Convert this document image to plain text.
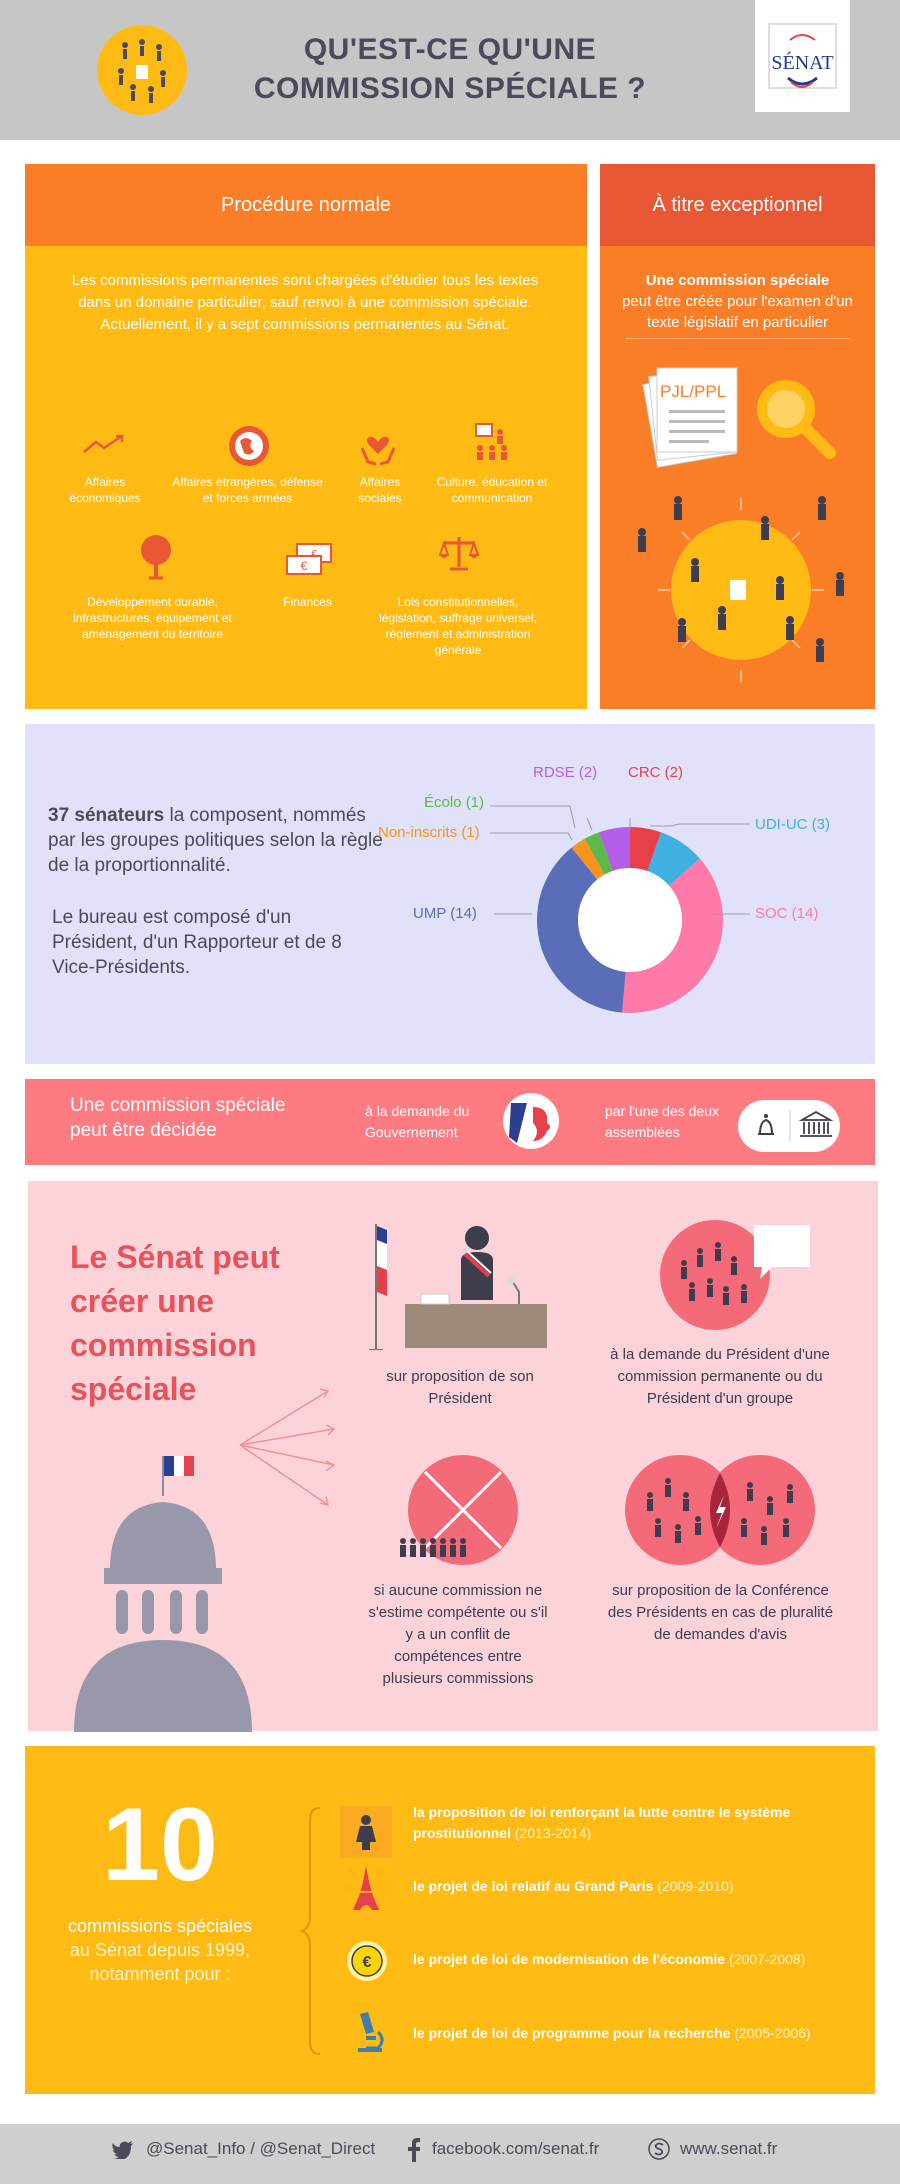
QU'EST-CE QU'UNE
COMMISSION SPÉCIALE ?
SÉNAT
Procédure normale
Les commissions permanentes sont chargées d'étudier tous les textes dans un domaine particulier, sauf renvoi à une commission spéciale. Actuellement, il y a sept commissions permanentes au Sénat.
Affaires économiques
Affaires étrangères, défense et forces armées
Affaires sociales
Culture, éducation et communication
Développement durable, infrastructures, équipement et aménagement du territoire
€
€
Finances	Lois constitutionnelles, législation, suffrage universel, règlement et administration générale
À titre exceptionnel
Une commission spéciale
peut être créée pour l'examen d'un texte législatif en particulier
PJL/PPL
37 sénateurs la composent, nommés par les groupes politiques selon la règle de la proportionnalité.
Le bureau est composé d'un Président, d'un Rapporteur et de 8 Vice-Présidents.
RDSE (2) CRC (2)
Écolo (1)
Non-inscrits (1)	UDI-UC (3)
SOC (14)
UMP (14)
Une commission spéciale peut être décidée
à la demande du Gouvernement
par l'une des deux assemblées
Le Sénat peut créer une commission spéciale	sur proposition de son Président
à la demande du Président d'une commission permanente ou du Président d'un groupe
si aucune commission ne s'estime compétente ou s'il y a un conflit de compétences entre plusieurs commissions
sur proposition de la Conférence des Présidents en cas de pluralité de demandes d'avis
10
commissions spéciales
au Sénat depuis 1999, notamment pour :
la proposition de loi renforçant la lutte contre le système prostitutionnel (2013-2014)
le projet de loi relatif au Grand Paris (2009-2010)
€	le projet de loi de modernisation de l'économie (2007-2008)
le projet de loi de programme pour la recherche (2005-2006)
@Senat_Info / @Senat_Direct	facebook.com/senat.fr	www.senat.fr
